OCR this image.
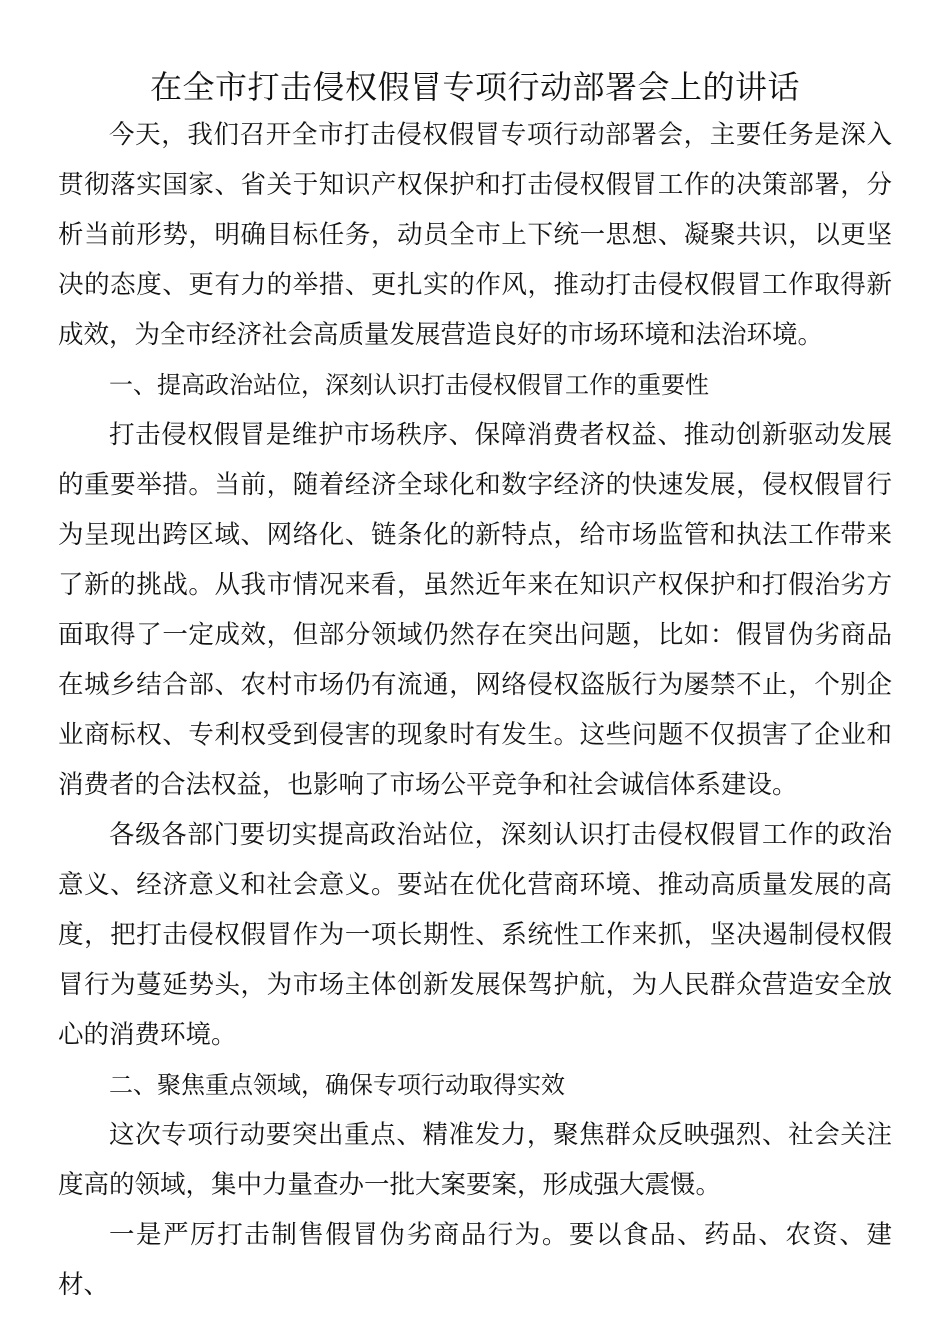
在全市打击侵权假冒专项行动部署会上的讲话

今天，我们召开全市打击侵权假冒专项行动部署会，主要任务是深入贯彻落实国家、省关于知识产权保护和打击侵权假冒工作的决策部署，分析当前形势，明确目标任务，动员全市上下统一思想、凝聚共识，以更坚决的态度、更有力的举措、更扎实的作风，推动打击侵权假冒工作取得新成效，为全市经济社会高质量发展营造良好的市场环境和法治环境。

一、提高政治站位，深刻认识打击侵权假冒工作的重要性

打击侵权假冒是维护市场秩序、保障消费者权益、推动创新驱动发展的重要举措。当前，随着经济全球化和数字经济的快速发展，侵权假冒行为呈现出跨区域、网络化、链条化的新特点，给市场监管和执法工作带来了新的挑战。从我市情况来看，虽然近年来在知识产权保护和打假治劣方面取得了一定成效，但部分领域仍然存在突出问题，比如：假冒伪劣商品在城乡结合部、农村市场仍有流通，网络侵权盗版行为屡禁不止，个别企业商标权、专利权受到侵害的现象时有发生。这些问题不仅损害了企业和消费者的合法权益，也影响了市场公平竞争和社会诚信体系建设。

各级各部门要切实提高政治站位，深刻认识打击侵权假冒工作的政治意义、经济意义和社会意义。要站在优化营商环境、推动高质量发展的高度，把打击侵权假冒作为一项长期性、系统性工作来抓，坚决遏制侵权假冒行为蔓延势头，为市场主体创新发展保驾护航，为人民群众营造安全放心的消费环境。

二、聚焦重点领域，确保专项行动取得实效

这次专项行动要突出重点、精准发力，聚焦群众反映强烈、社会关注度高的领域，集中力量查办一批大案要案，形成强大震慑。

一是严厉打击制售假冒伪劣商品行为。要以食品、药品、农资、建材、
